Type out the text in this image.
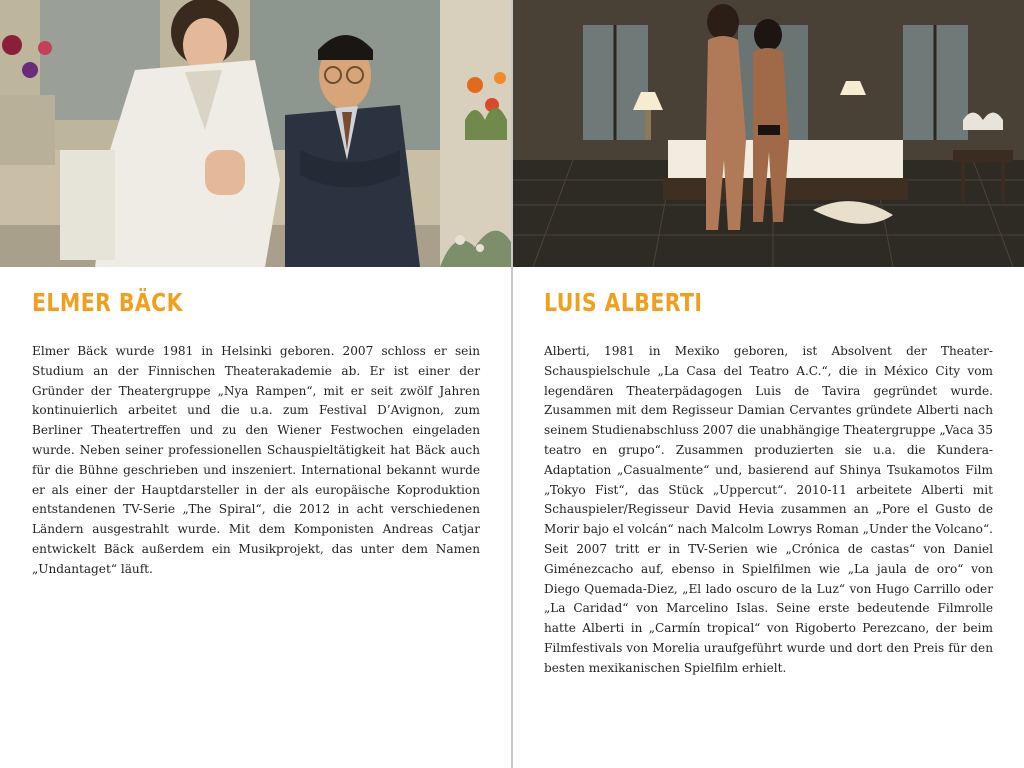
ELMER BÄCK

Elmer Bäck wurde 1981 in Helsinki geboren. 2007 schloss er sein Studium an der Finnischen Theaterakademie ab. Er ist einer der Gründer der Theatergruppe „Nya Rampen“, mit er seit zwölf Jahren kontinuierlich arbeitet und die u.a. zum Festival D’Avignon, zum Berliner Theatertreffen und zu den Wiener Festwochen eingeladen wurde. Neben seiner professionellen Schauspieltätigkeit hat Bäck auch für die Bühne geschrieben und inszeniert. International bekannt wurde er als einer der Hauptdarsteller in der als europäische Koproduktion entstandenen TV-Serie „The Spiral“, die 2012 in acht verschiedenen Ländern ausgestrahlt wurde. Mit dem Komponisten Andreas Catjar entwickelt Bäck außerdem ein Musikprojekt, das unter dem Namen „Undantaget“ läuft.

LUIS ALBERTI

Alberti, 1981 in Mexiko geboren, ist Absolvent der Theater-Schauspielschule „La Casa del Teatro A.C.“, die in México City vom legendären Theaterpädagogen Luis de Tavira gegründet wurde. Zusammen mit dem Regisseur Damian Cervantes gründete Alberti nach seinem Studienabschluss 2007 die unabhängige Theatergruppe „Vaca 35 teatro en grupo“. Zusammen produzierten sie u.a. die Kundera-Adaptation „Casualmente“ und, basierend auf Shinya Tsukamotos Film „Tokyo Fist“, das Stück „Uppercut“. 2010-11 arbeitete Alberti mit Schauspieler/Regisseur David Hevia zusammen an „Pore el Gusto de Morir bajo el volcán“ nach Malcolm Lowrys Roman „Under the Volcano“. Seit 2007 tritt er in TV-Serien wie „Crónica de castas“ von Daniel Giménezcacho auf, ebenso in Spielfilmen wie „La jaula de oro“ von Diego Quemada-Diez, „El lado oscuro de la Luz“ von Hugo Carrillo oder „La Caridad“ von Marcelino Islas. Seine erste bedeutende Filmrolle hatte Alberti in „Carmín tropical“ von Rigoberto Perezcano, der beim Filmfestivals von Morelia uraufgeführt wurde und dort den Preis für den besten mexikanischen Spielfilm erhielt.
